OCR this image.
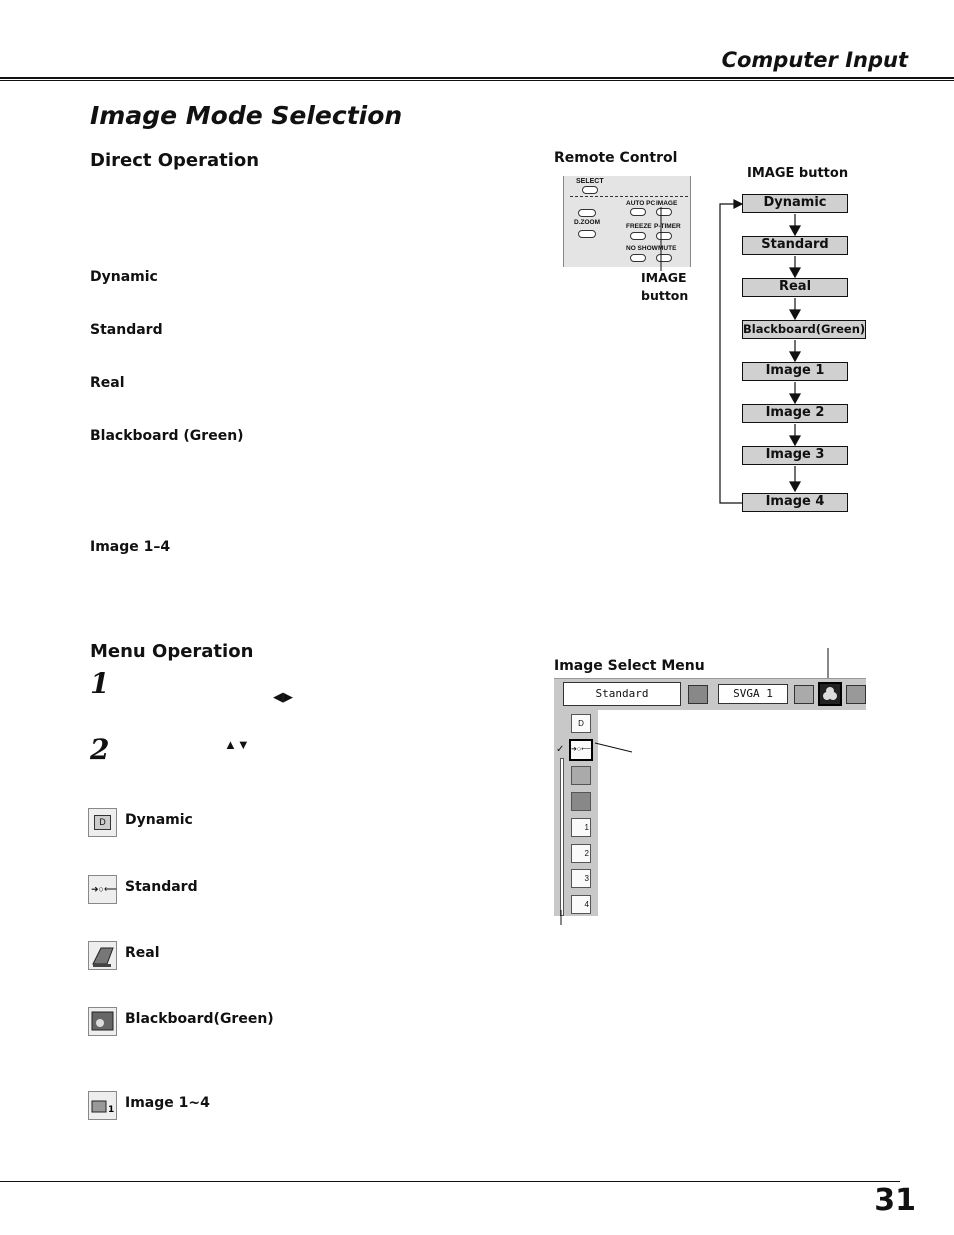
Computer Input
Image Mode Selection
Direct Operation
Dynamic
Standard
Real
Blackboard (Green)
Image 1–4
Remote Control
SELECT
D.ZOOM
AUTO PC IMAGE
FREEZE P-TIMER
NO SHOW MUTE
IMAGE
button
IMAGE button
Dynamic
Standard
Real
Blackboard(Green)
Image 1
Image 2
Image 3
Image 4
Menu Operation
1	◀▶
2	▲▼
D	Dynamic
➜○⟵ Standard
Real
Blackboard(Green)
1 Image 1~4
Image Select Menu
Standard	SVGA 1
✓
D
➜○⟵
1
2
3
4
31
